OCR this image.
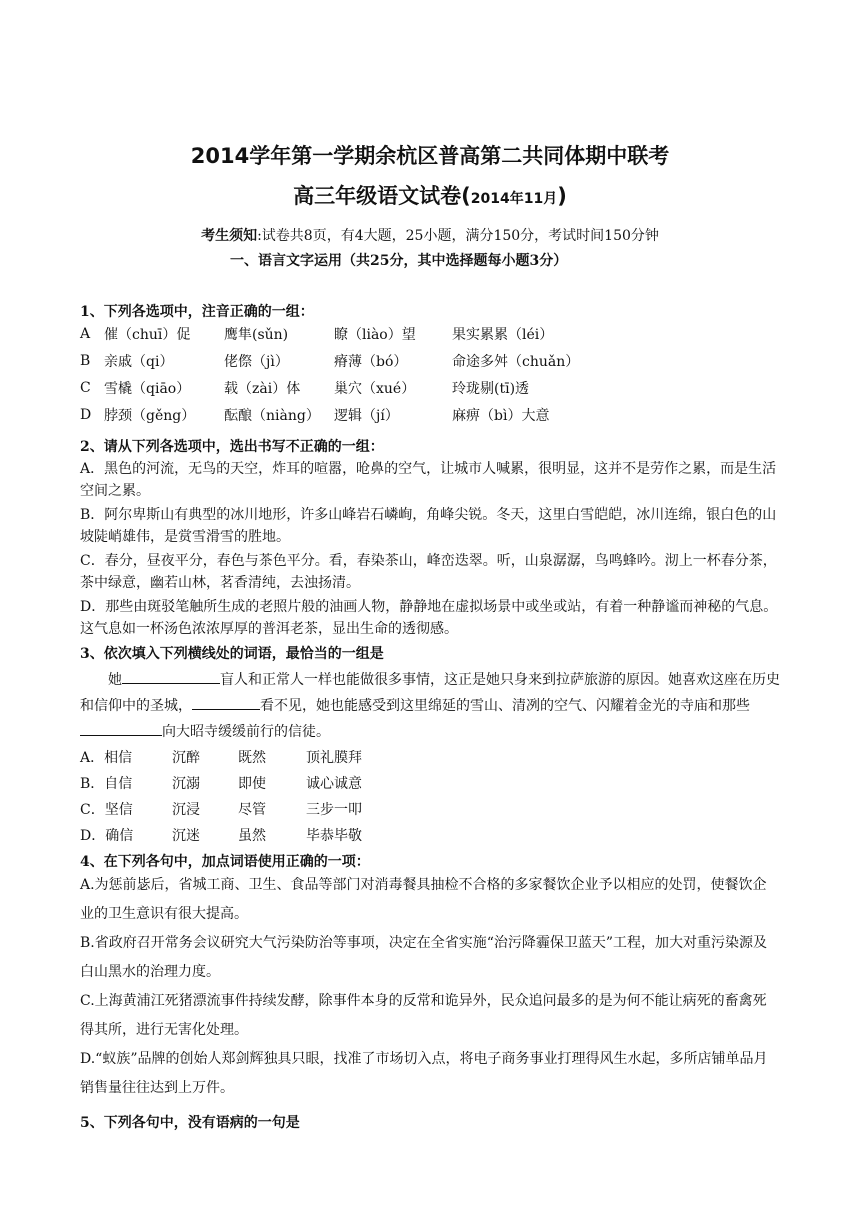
2014学年第一学期余杭区普高第二共同体期中联考
高三年级语文试卷(2014年11月)
考生须知:试卷共8页，有4大题，25小题，满分150分，考试时间150分钟
一、语言文字运用（共25分，其中选择题每小题3分）
1、下列各选项中，注音正确的一组：
A 催（chuī）促	鹰隼(sǔn)	瞭（liào）望	果实累累（léi）
B 亲戚（qi）	佬傺（jì）	瘠薄（bó）	命途多舛（chuǎn）
C 雪橇（qiāo）	载（zài）体	巢穴（xué）	玲珑剔(tī)透
D 脖颈（gěng）	酝酿（niàng）	逻辑（jí）	麻痹（bì）大意
2、请从下列各选项中，选出书写不正确的一组：
A．黑色的河流，无鸟的天空，炸耳的喧嚣，呛鼻的空气，让城市人喊累，很明显，这并不是劳作之累，而是生活空间之累。
B．阿尔卑斯山有典型的冰川地形，许多山峰岩石嶙峋，角峰尖锐。冬天，这里白雪皑皑，冰川连绵，银白色的山坡陡峭雄伟，是赏雪滑雪的胜地。
C．春分，昼夜平分，春色与茶色平分。看，春染茶山，峰峦迭翠。听，山泉潺潺，鸟鸣蜂吟。沏上一杯春分茶，茶中绿意，幽若山林，茗香清纯，去浊扬清。
D．那些由斑驳笔触所生成的老照片般的油画人物，静静地在虚拟场景中或坐或站，有着一种静谧而神秘的气息。这气息如一杯汤色浓浓厚厚的普洱老茶，显出生命的透彻感。
3、依次填入下列横线处的词语，最恰当的一组是
她	盲人和正常人一样也能做很多事情，这正是她只身来到拉萨旅游的原因。她喜欢这座在历史和信仰中的圣城，	看不见，她也能感受到这里绵延的雪山、清冽的空气、闪耀着金光的寺庙和那些向大昭寺缓缓前行的信徒。
A．相信	沉醉	既然	顶礼膜拜
B．自信	沉溺	即使	诚心诚意
C．坚信	沉浸	尽管	三步一叩
D．确信	沉迷	虽然	毕恭毕敬
4、在下列各句中，加点词语使用正确的一项：
A.为惩前毖后，省城工商、卫生、食品等部门对消毒餐具抽检不合格的多家餐饮企业予以相应的处罚，使餐饮企业的卫生意识有很大提高。
B.省政府召开常务会议研究大气污染防治等事项，决定在全省实施“治污降霾保卫蓝天”工程，加大对重污染源及白山黑水的治理力度。
C.上海黄浦江死猪漂流事件持续发酵，除事件本身的反常和诡异外，民众追问最多的是为何不能让病死的畜禽死得其所，进行无害化处理。
D.“蚁族”品牌的创始人郑剑辉独具只眼，找准了市场切入点，将电子商务事业打理得风生水起，多所店铺单品月销售量往往达到上万件。
5、下列各句中，没有语病的一句是
